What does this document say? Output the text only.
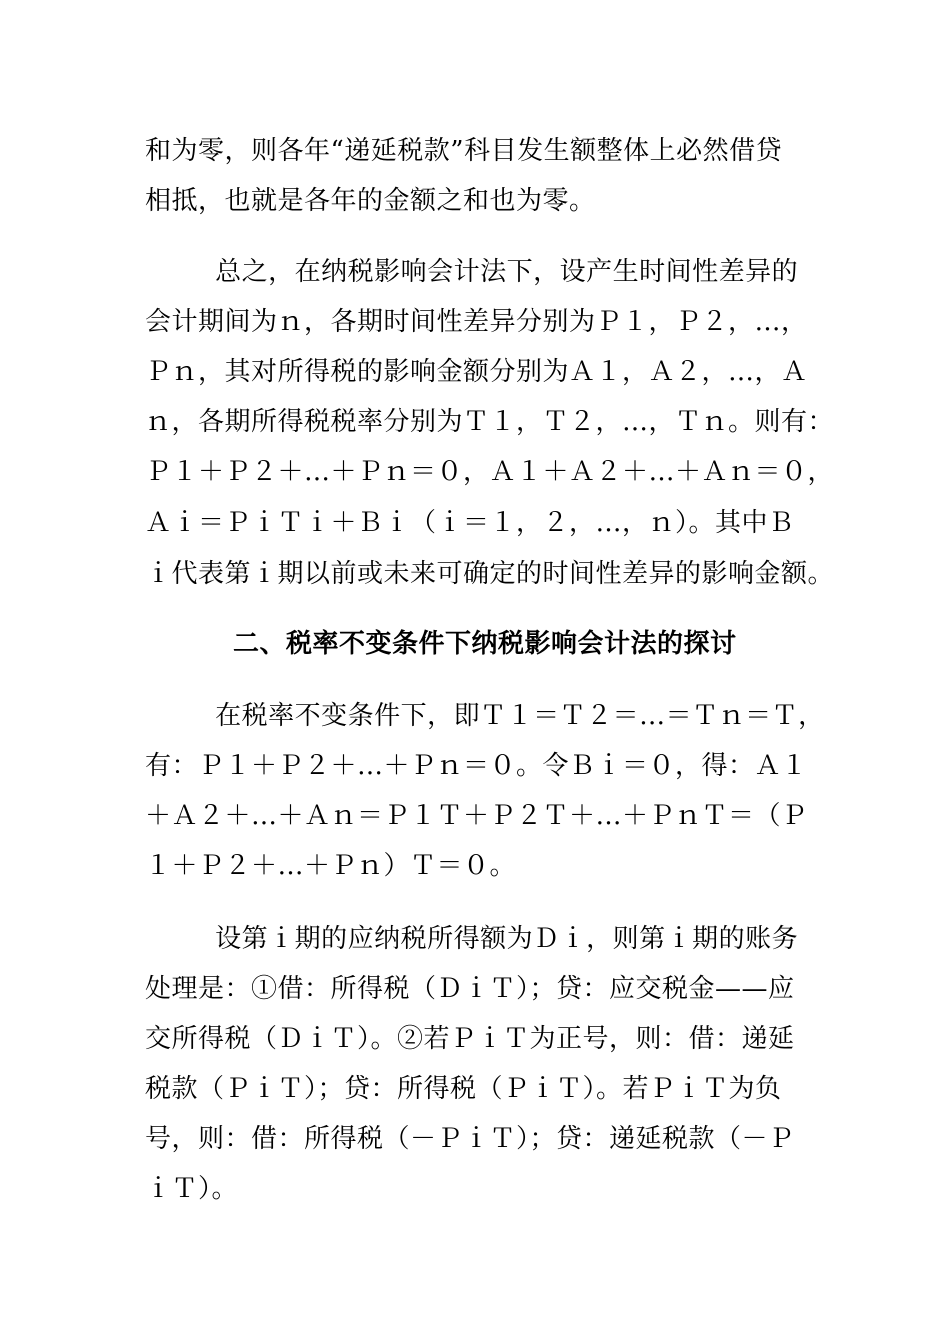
和为零，则各年“递延税款”科目发生额整体上必然借贷
相抵，也就是各年的金额之和也为零。
总之，在纳税影响会计法下，设产生时间性差异的
会计期间为ｎ，各期时间性差异分别为Ｐ１，Ｐ２，…，
Ｐｎ，其对所得税的影响金额分别为Ａ１，Ａ２，…，Ａ
ｎ，各期所得税税率分别为Ｔ１，Ｔ２，…，Ｔｎ。则有：
Ｐ１＋Ｐ２＋…＋Ｐｎ＝０，Ａ１＋Ａ２＋…＋Ａｎ＝０，
Ａｉ＝ＰｉＴｉ＋Ｂｉ（ｉ＝１，２，…，ｎ）。其中Ｂ
ｉ代表第ｉ期以前或未来可确定的时间性差异的影响金额。
二、税率不变条件下纳税影响会计法的探讨
在税率不变条件下，即Ｔ１＝Ｔ２＝…＝Ｔｎ＝Ｔ，
有：Ｐ１＋Ｐ２＋…＋Ｐｎ＝０。令Ｂｉ＝０，得：Ａ１
＋Ａ２＋…＋Ａｎ＝Ｐ１Ｔ＋Ｐ２Ｔ＋…＋ＰｎＴ＝（Ｐ
１＋Ｐ２＋…＋Ｐｎ）Ｔ＝０。
设第ｉ期的应纳税所得额为Ｄｉ，则第ｉ期的账务
处理是：①借：所得税（ＤｉＴ）；贷：应交税金——应
交所得税（ＤｉＴ）。②若ＰｉＴ为正号，则：借：递延
税款（ＰｉＴ）；贷：所得税（ＰｉＴ）。若ＰｉＴ为负
号，则：借：所得税（－ＰｉＴ）；贷：递延税款（－Ｐ
ｉＴ）。
